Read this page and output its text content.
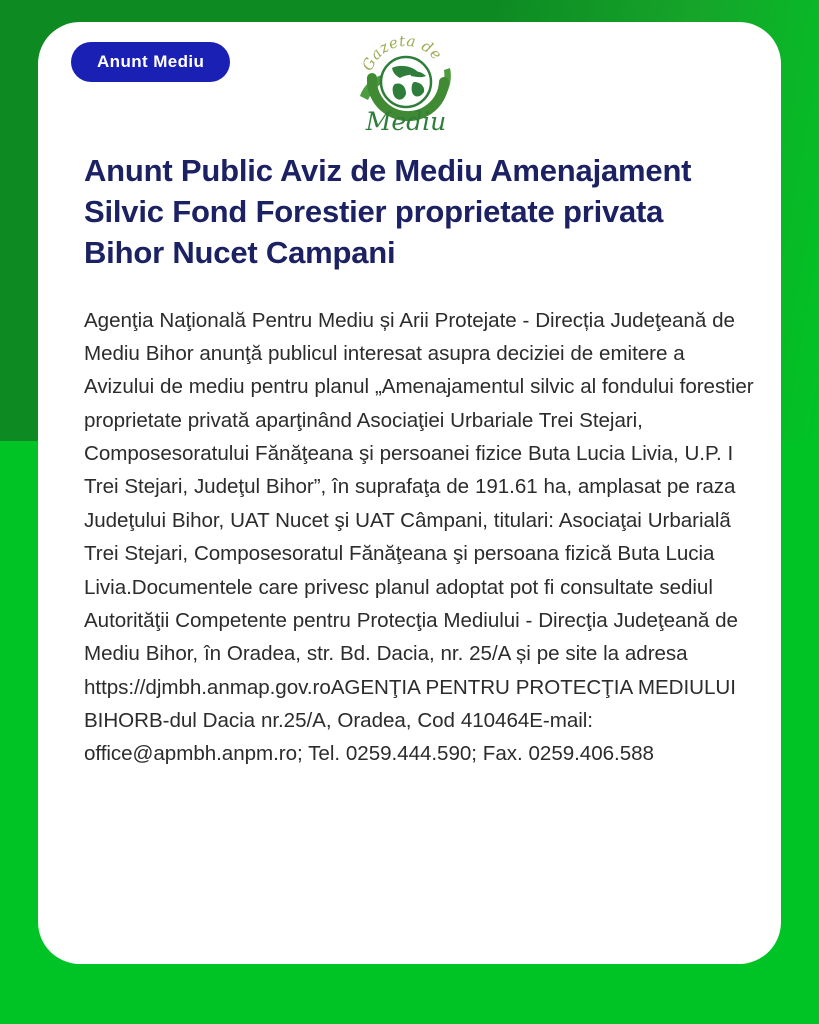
Anunt Mediu	Gazeta de
Mediu
Anunt Public Aviz de Mediu Amenajament Silvic Fond Forestier proprietate privata Bihor Nucet Campani

Agenţia Naţională Pentru Mediu și Arii Protejate - Direcția Judeţeană de Mediu Bihor anunţă publicul interesat asupra deciziei de emitere a Avizului de mediu pentru planul „Amenajamentul silvic al fondului forestier proprietate privată aparţinând Asociaţiei Urbariale Trei Stejari, Composesoratului Fănăţeana şi persoanei fizice Buta Lucia Livia, U.P. I Trei Stejari, Judeţul Bihor”, în suprafaţa de 191.61 ha, amplasat pe raza Judeţului Bihor, UAT Nucet şi UAT Câmpani, titulari: Asociaţai Urbarialã Trei Stejari, Composesoratul Fănăţeana şi persoana fizică Buta Lucia Livia.Documentele care privesc planul adoptat pot fi consultate sediul Autorităţii Competente pentru Protecţia Mediului - Direcţia Judeţeană de Mediu Bihor, în Oradea, str. Bd. Dacia, nr. 25/A și pe site la adresa https://djmbh.anmap.gov.roAGENŢIA PENTRU PROTECŢIA MEDIULUI BIHORB-dul Dacia nr.25/A, Oradea, Cod 410464E-mail: office@apmbh.anpm.ro; Tel. 0259.444.590; Fax. 0259.406.588
